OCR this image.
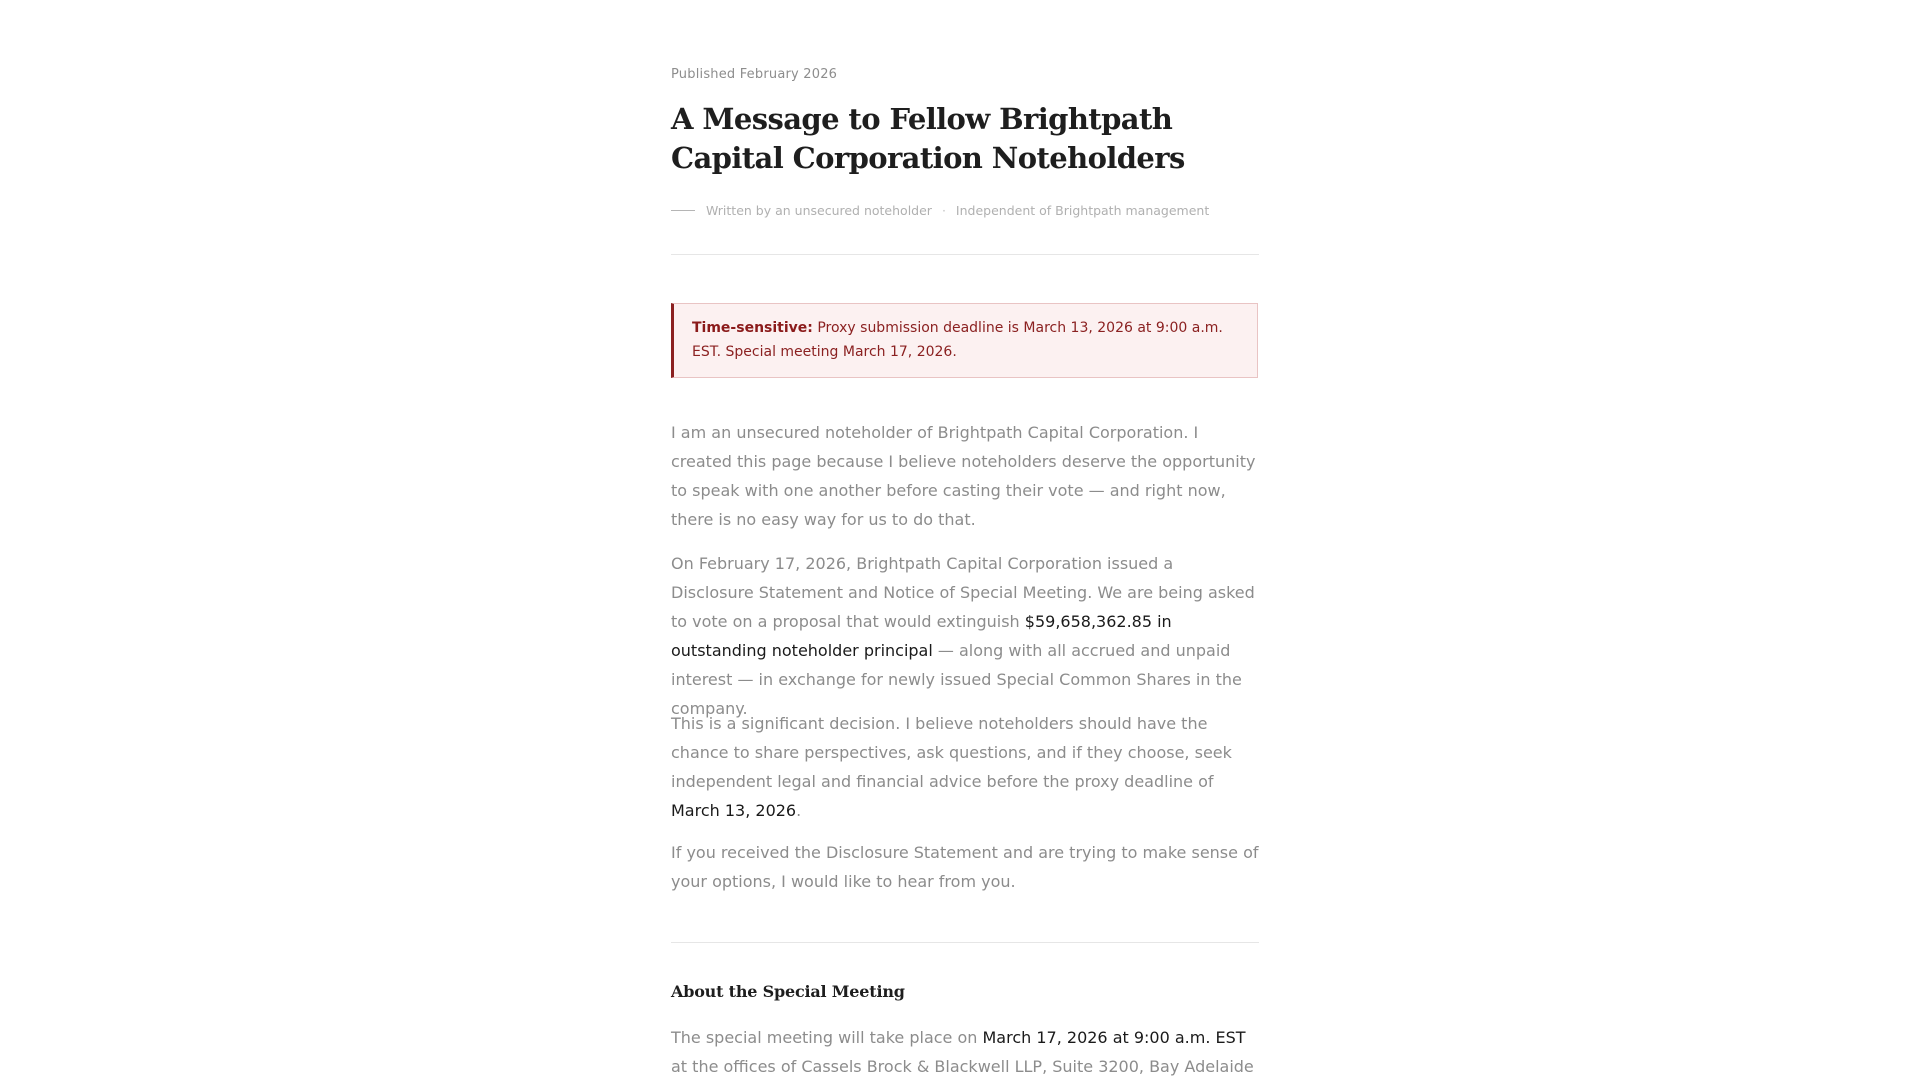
Published February 2026
A Message to Fellow Brightpath Capital Corporation Noteholders
Written by an unsecured noteholder · Independent of Brightpath management
Time-sensitive: Proxy submission deadline is March 13, 2026 at 9:00 a.m. EST. Special meeting March 17, 2026.

I am an unsecured noteholder of Brightpath Capital Corporation. I created this page because I believe noteholders deserve the opportunity to speak with one another before casting their vote — and right now, there is no easy way for us to do that.

On February 17, 2026, Brightpath Capital Corporation issued a Disclosure Statement and Notice of Special Meeting. We are being asked to vote on a proposal that would extinguish $59,658,362.85 in outstanding noteholder principal — along with all accrued and unpaid interest — in exchange for newly issued Special Common Shares in the company.

This is a significant decision. I believe noteholders should have the chance to share perspectives, ask questions, and if they choose, seek independent legal and financial advice before the proxy deadline of March 13, 2026.

If you received the Disclosure Statement and are trying to make sense of your options, I would like to hear from you.

About the Special Meeting

The special meeting will take place on March 17, 2026 at 9:00 a.m. EST at the offices of Cassels Brock & Blackwell LLP, Suite 3200, Bay Adelaide
